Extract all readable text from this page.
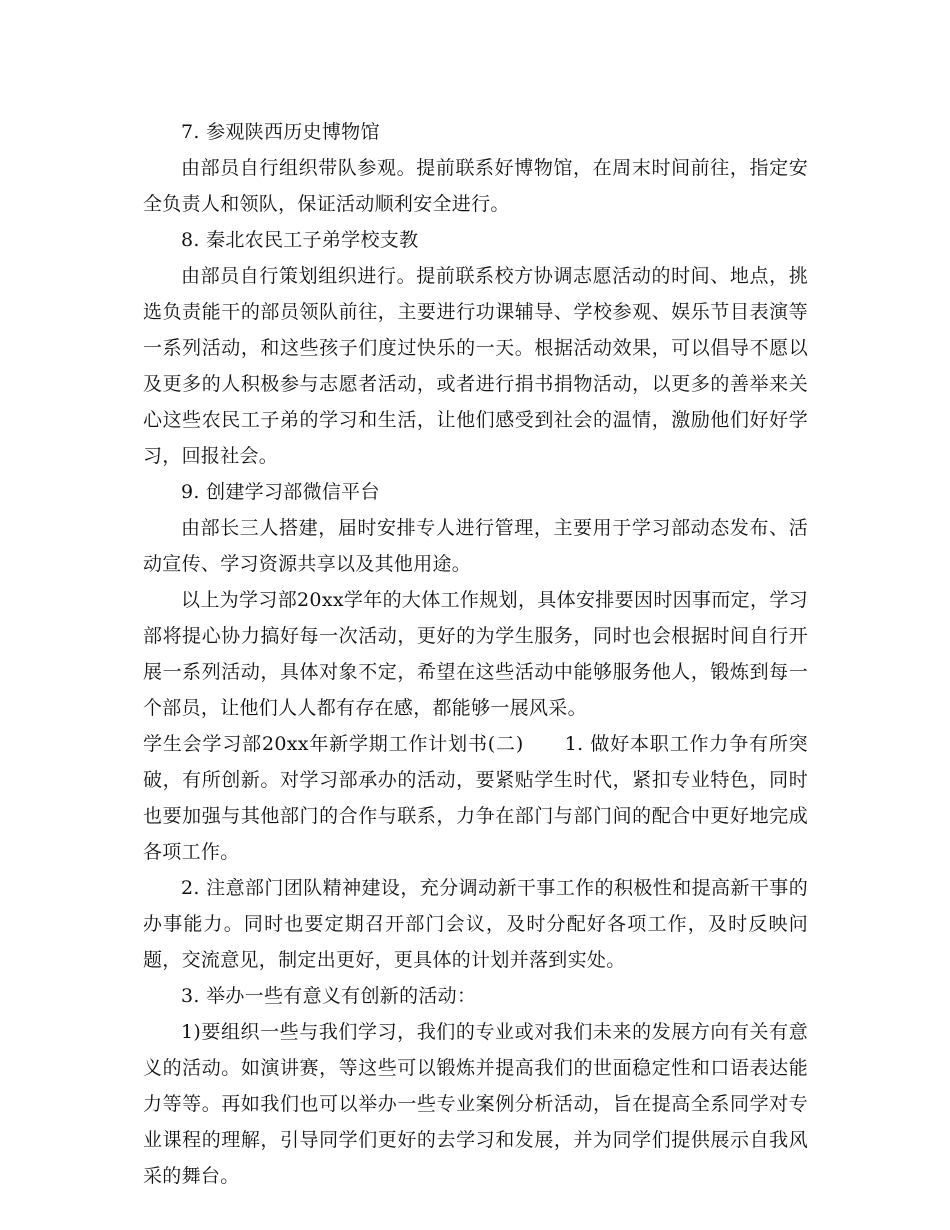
7. 参观陕西历史博物馆

由部员自行组织带队参观。提前联系好博物馆，在周末时间前往，指定安全负责人和领队，保证活动顺利安全进行。

8. 秦北农民工子弟学校支教

由部员自行策划组织进行。提前联系校方协调志愿活动的时间、地点，挑选负责能干的部员领队前往，主要进行功课辅导、学校参观、娱乐节目表演等一系列活动，和这些孩子们度过快乐的一天。根据活动效果，可以倡导不愿以及更多的人积极参与志愿者活动，或者进行捐书捐物活动，以更多的善举来关心这些农民工子弟的学习和生活，让他们感受到社会的温情，激励他们好好学习，回报社会。

9. 创建学习部微信平台

由部长三人搭建，届时安排专人进行管理，主要用于学习部动态发布、活动宣传、学习资源共享以及其他用途。

以上为学习部20xx学年的大体工作规划，具体安排要因时因事而定，学习部将提心协力搞好每一次活动，更好的为学生服务，同时也会根据时间自行开展一系列活动，具体对象不定，希望在这些活动中能够服务他人，锻炼到每一个部员，让他们人人都有存在感，都能够一展风采。

学生会学习部20xx年新学期工作计划书(二)      1. 做好本职工作力争有所突破，有所创新。对学习部承办的活动，要紧贴学生时代，紧扣专业特色，同时也要加强与其他部门的合作与联系，力争在部门与部门间的配合中更好地完成各项工作。

2. 注意部门团队精神建设，充分调动新干事工作的积极性和提高新干事的办事能力。同时也要定期召开部门会议，及时分配好各项工作，及时反映问题，交流意见，制定出更好，更具体的计划并落到实处。

3. 举办一些有意义有创新的活动：

1)要组织一些与我们学习，我们的专业或对我们未来的发展方向有关有意义的活动。如演讲赛，等这些可以锻炼并提高我们的世面稳定性和口语表达能力等等。再如我们也可以举办一些专业案例分析活动，旨在提高全系同学对专业课程的理解，引导同学们更好的去学习和发展，并为同学们提供展示自我风采的舞台。
